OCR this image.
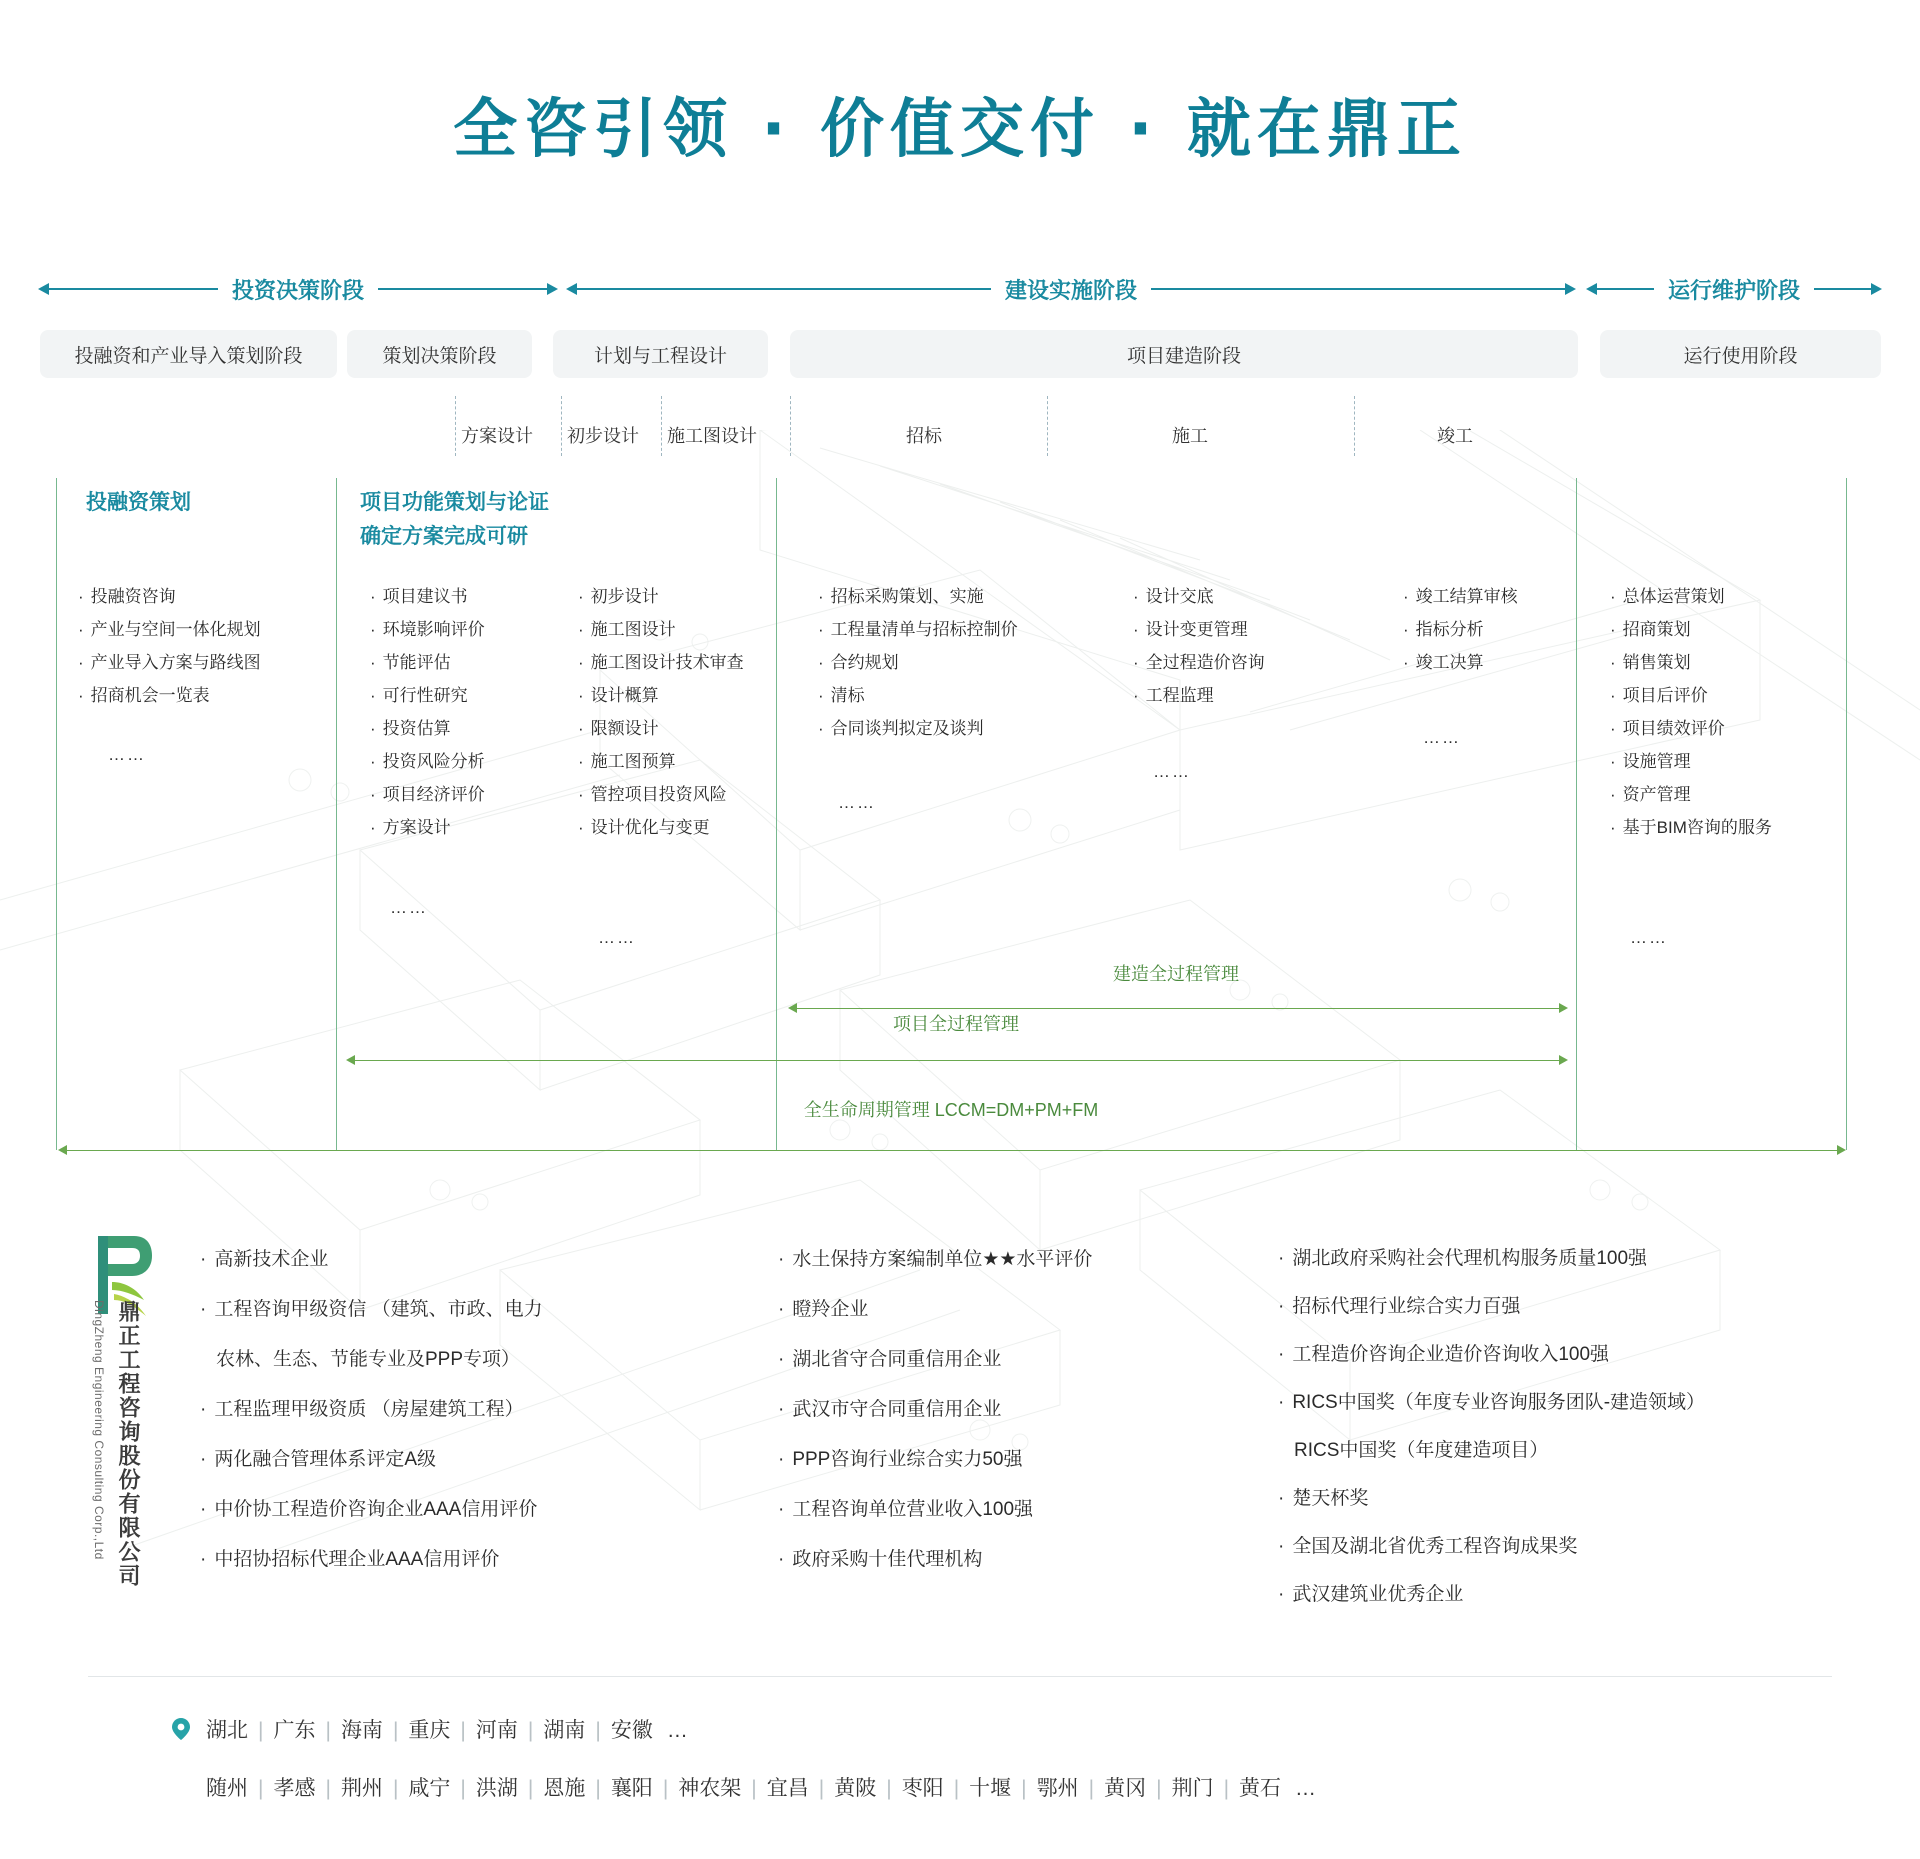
全咨引领 · 价值交付 · 就在鼎正
投资决策阶段	建设实施阶段	运行维护阶段
投融资和产业导入策划阶段	策划决策阶段	计划与工程设计	项目建造阶段	运行使用阶段
方案设计 初步设计 施工图设计	招标	施工	竣工
投融资策划	项目功能策划与论证
确定方案完成可研
· 投融资咨询
· 产业与空间一体化规划
· 产业导入方案与路线图
· 招商机会一览表
……
· 项目建议书
· 环境影响评价
· 节能评估
· 可行性研究
· 投资估算
· 投资风险分析
· 项目经济评价
· 方案设计
……
· 初步设计
· 施工图设计
· 施工图设计技术审查
· 设计概算
· 限额设计
· 施工图预算
· 管控项目投资风险
· 设计优化与变更
……
· 招标采购策划、实施
· 工程量清单与招标控制价
· 合约规划
· 清标
· 合同谈判拟定及谈判
……
· 设计交底
· 设计变更管理
· 全过程造价咨询
· 工程监理
……
· 竣工结算审核
· 指标分析
· 竣工决算
……
· 总体运营策划
· 招商策划
· 销售策划
· 项目后评价
· 项目绩效评价
· 设施管理
· 资产管理
· 基于BIM咨询的服务
……
建造全过程管理
项目全过程管理
全生命周期管理 LCCM=DM+PM+FM
鼎正工程咨询股份有限公司
DingZheng Engineering Consulting Corp.,Ltd
· 高新技术企业
· 工程咨询甲级资信 （建筑、市政、电力
农林、生态、节能专业及PPP专项）
· 工程监理甲级资质 （房屋建筑工程）
· 两化融合管理体系评定A级
· 中价协工程造价咨询企业AAA信用评价
· 中招协招标代理企业AAA信用评价
· 水土保持方案编制单位★★水平评价
· 瞪羚企业
· 湖北省守合同重信用企业
· 武汉市守合同重信用企业
· PPP咨询行业综合实力50强
· 工程咨询单位营业收入100强
· 政府采购十佳代理机构
· 湖北政府采购社会代理机构服务质量100强
· 招标代理行业综合实力百强
· 工程造价咨询企业造价咨询收入100强
· RICS中国奖（年度专业咨询服务团队-建造领域）
RICS中国奖（年度建造项目）
· 楚天杯奖
· 全国及湖北省优秀工程咨询成果奖
· 武汉建筑业优秀企业
湖北 | 广东 | 海南 | 重庆 | 河南 | 湖南 | 安徽 …
随州 | 孝感 | 荆州 | 咸宁 | 洪湖 | 恩施 | 襄阳 | 神农架 | 宜昌 | 黄陂 | 枣阳 | 十堰 | 鄂州 | 黄冈 | 荆门 | 黄石 …
